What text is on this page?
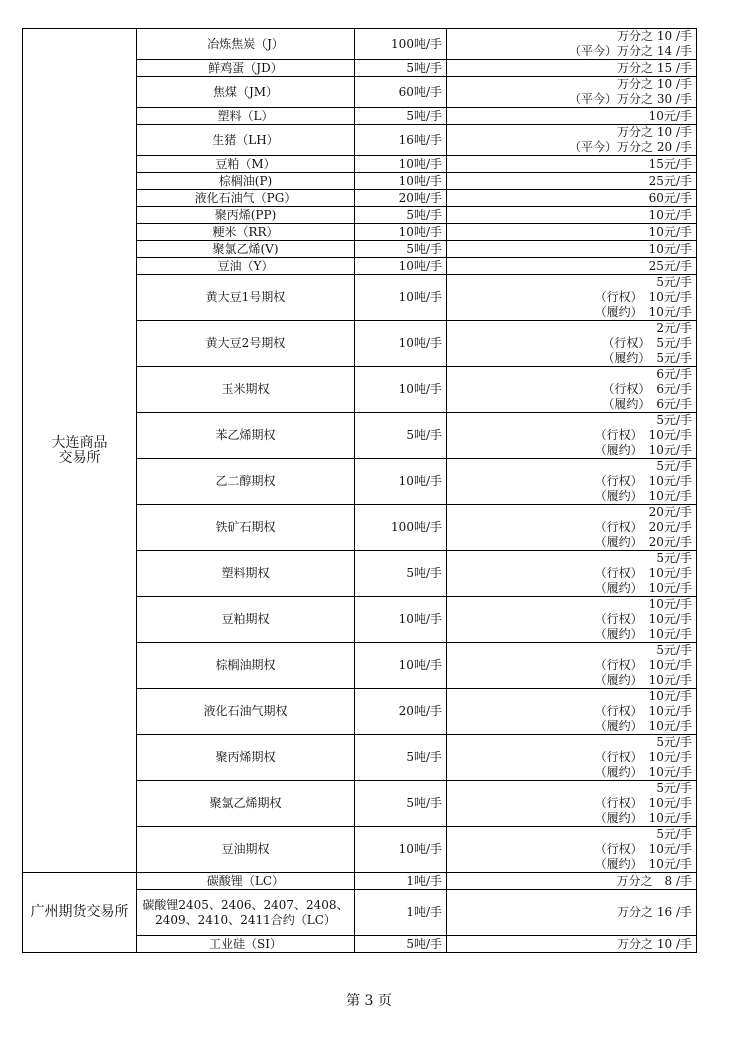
大连商品
交易所	冶炼焦炭（J）	100吨/手	万分之 10 /手
（平今）万分之 14 /手

	鲜鸡蛋（JD）	5吨/手	万分之 15 /手

	焦煤（JM）	60吨/手	万分之 10 /手
（平今）万分之 30 /手

	塑料（L）	5吨/手	10元/手

	生猪（LH）	16吨/手	万分之 10 /手
（平今）万分之 20 /手

	豆粕（M）	10吨/手	15元/手

	棕榈油(P)	10吨/手	25元/手

	液化石油气（PG）	20吨/手	60元/手

	聚丙烯(PP)	5吨/手	10元/手

	粳米（RR）	10吨/手	10元/手

	聚氯乙烯(V)	5吨/手	10元/手

	豆油（Y）	10吨/手	25元/手

	黄大豆1号期权	10吨/手	5元/手
（行权）　10元/手
（履约）　10元/手

	黄大豆2号期权	10吨/手	2元/手
（行权）　5元/手
（履约）　5元/手

	玉米期权	10吨/手	6元/手
（行权）　6元/手
（履约）　6元/手

	苯乙烯期权	5吨/手	5元/手
（行权）　10元/手
（履约）　10元/手

	乙二醇期权	10吨/手	5元/手
（行权）　10元/手
（履约）　10元/手

	铁矿石期权	100吨/手	20元/手
（行权）　20元/手
（履约）　20元/手

	塑料期权	5吨/手	5元/手
（行权）　10元/手
（履约）　10元/手

	豆粕期权	10吨/手	10元/手
（行权）　10元/手
（履约）　10元/手

	棕榈油期权	10吨/手	5元/手
（行权）　10元/手
（履约）　10元/手

	液化石油气期权	20吨/手	10元/手
（行权）　10元/手
（履约）　10元/手

	聚丙烯期权	5吨/手	5元/手
（行权）　10元/手
（履约）　10元/手

	聚氯乙烯期权	5吨/手	5元/手
（行权）　10元/手
（履约）　10元/手

	豆油期权	10吨/手	5元/手
（行权）　10元/手
（履约）　10元/手

广州期货交易所	碳酸锂（LC）	1吨/手	万分之　8 /手

	碳酸锂2405、2406、2407、2408、2409、2410、2411合约（LC）	1吨/手	万分之 16 /手

	工业硅（SI）	5吨/手	万分之 10 /手
第 3 页
